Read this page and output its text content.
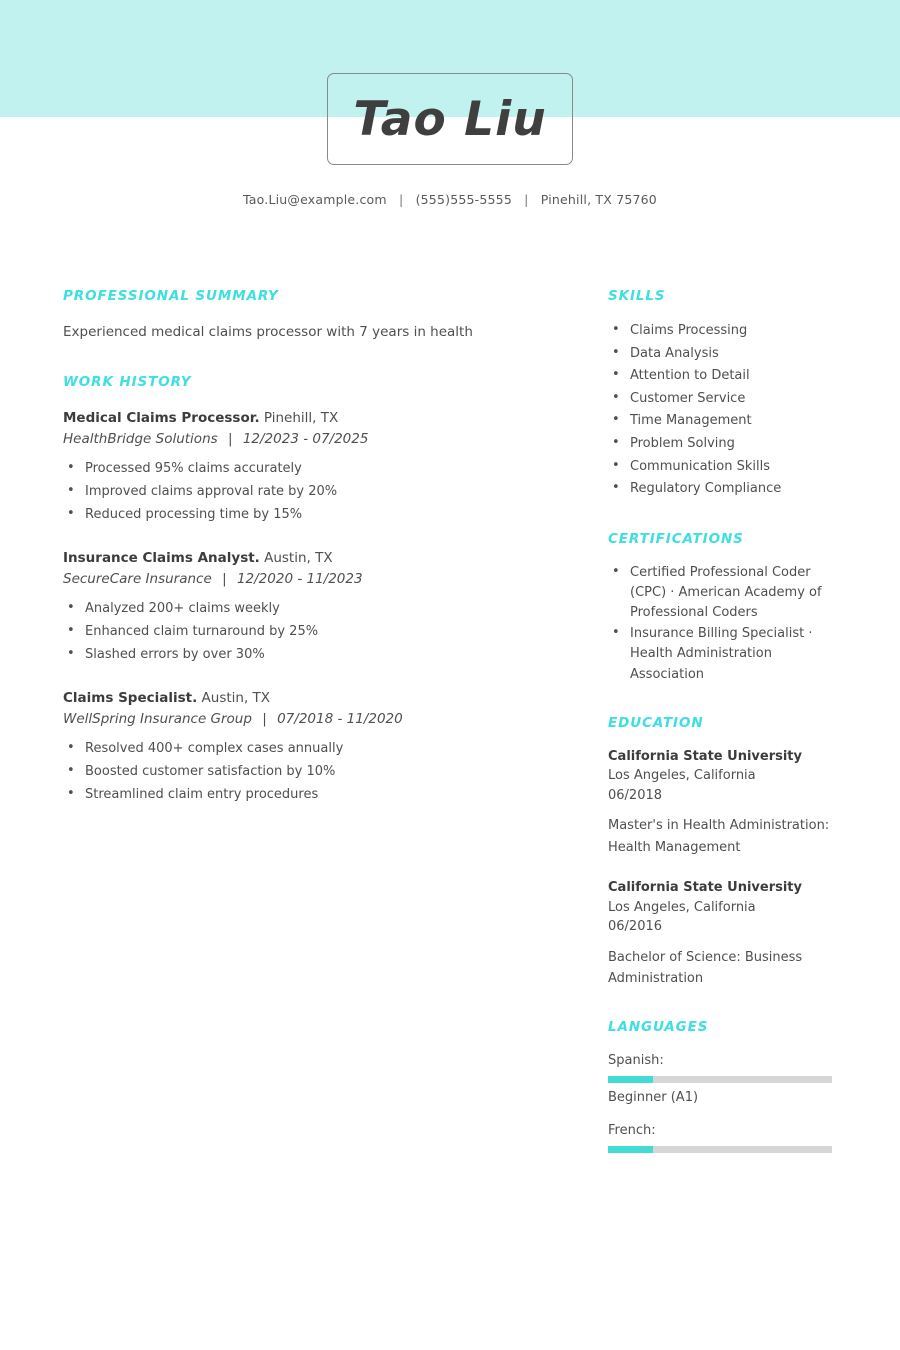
Tao Liu
Tao.Liu@example.com | (555)555-5555 | Pinehill, TX 75760
PROFESSIONAL SUMMARY

Experienced medical claims processor with 7 years in health

WORK HISTORY
Medical Claims Processor. Pinehill, TX
HealthBridge Solutions | 12/2023 - 07/2025
• Processed 95% claims accurately
• Improved claims approval rate by 20%
• Reduced processing time by 15%
Insurance Claims Analyst. Austin, TX
SecureCare Insurance | 12/2020 - 11/2023
• Analyzed 200+ claims weekly
• Enhanced claim turnaround by 25%
• Slashed errors by over 30%
Claims Specialist. Austin, TX
WellSpring Insurance Group | 07/2018 - 11/2020
• Resolved 400+ complex cases annually
• Boosted customer satisfaction by 10%
• Streamlined claim entry procedures
SKILLS
• Claims Processing
• Data Analysis
• Attention to Detail
• Customer Service
• Time Management
• Problem Solving
• Communication Skills
• Regulatory Compliance
CERTIFICATIONS
• Certified Professional Coder (CPC) · American Academy of Professional Coders
• Insurance Billing Specialist · Health Administration Association
EDUCATION
California State University
Los Angeles, California
06/2018
Master's in Health Administration: Health Management
California State University
Los Angeles, California
06/2016
Bachelor of Science: Business Administration
LANGUAGES
Spanish:
Beginner (A1)
French:
